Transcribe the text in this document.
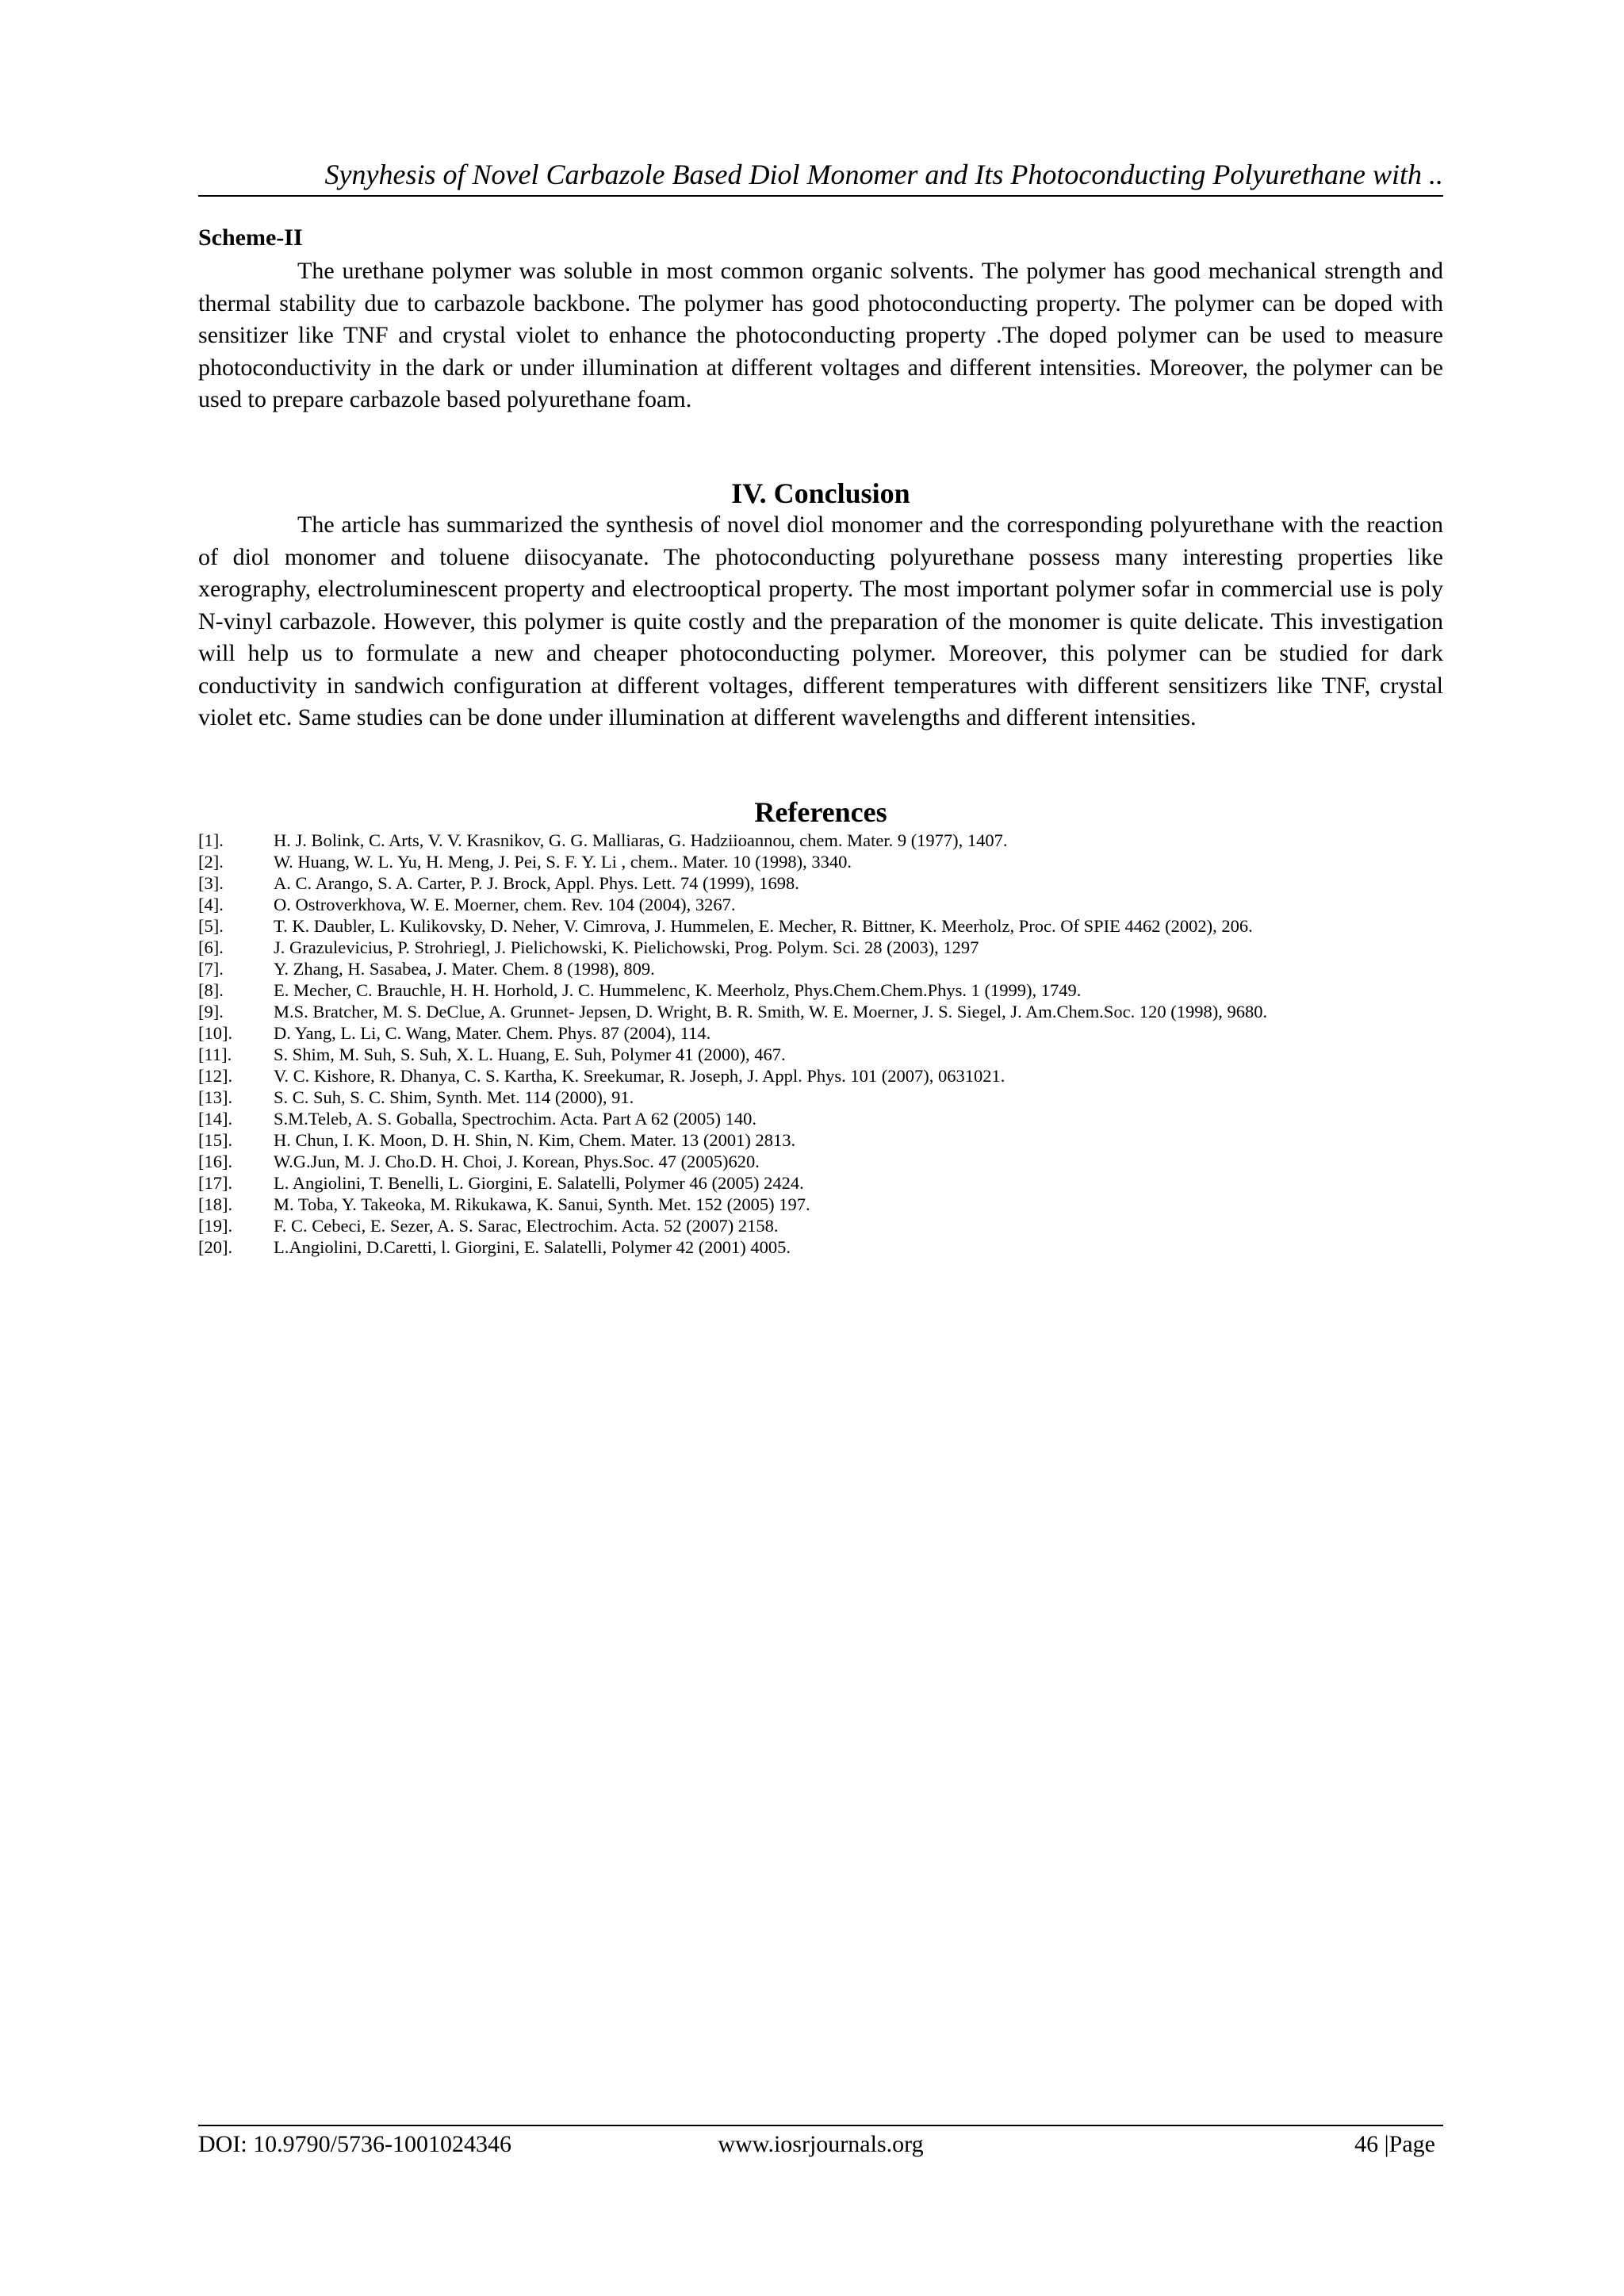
Synyhesis of Novel Carbazole Based Diol Monomer and Its Photoconducting Polyurethane with ..
Scheme-II

The urethane polymer was soluble in most common organic solvents. The polymer has good mechanical strength and thermal stability due to carbazole backbone. The polymer has good photoconducting property. The polymer can be doped with sensitizer like TNF and crystal violet to enhance the photoconducting property .The doped polymer can be used to measure photoconductivity in the dark or under illumination at different voltages and different intensities. Moreover, the polymer can be used to prepare carbazole based polyurethane foam.

IV. Conclusion

The article has summarized the synthesis of novel diol monomer and the corresponding polyurethane with the reaction of diol monomer and toluene diisocyanate. The photoconducting polyurethane possess many interesting properties like xerography, electroluminescent property and electrooptical property. The most important polymer sofar in commercial use is poly N-vinyl carbazole. However, this polymer is quite costly and the preparation of the monomer is quite delicate. This investigation will help us to formulate a new and cheaper photoconducting polymer. Moreover, this polymer can be studied for dark conductivity in sandwich configuration at different voltages, different temperatures with different sensitizers like TNF, crystal violet etc. Same studies can be done under illumination at different wavelengths and different intensities.

References
[1].	H. J. Bolink, C. Arts, V. V. Krasnikov, G. G. Malliaras, G. Hadziioannou, chem. Mater. 9 (1977), 1407.
[2].	W. Huang, W. L. Yu, H. Meng, J. Pei, S. F. Y. Li , chem.. Mater. 10 (1998), 3340.
[3].	A. C. Arango, S. A. Carter, P. J. Brock, Appl. Phys. Lett. 74 (1999), 1698.
[4].	O. Ostroverkhova, W. E. Moerner, chem. Rev. 104 (2004), 3267.
[5].	T. K. Daubler, L. Kulikovsky, D. Neher, V. Cimrova, J. Hummelen, E. Mecher, R. Bittner, K. Meerholz, Proc. Of SPIE 4462 (2002), 206.
[6].	J. Grazulevicius, P. Strohriegl, J. Pielichowski, K. Pielichowski, Prog. Polym. Sci. 28 (2003), 1297
[7].	Y. Zhang, H. Sasabea, J. Mater. Chem. 8 (1998), 809.
[8].	E. Mecher, C. Brauchle, H. H. Horhold, J. C. Hummelenc, K. Meerholz, Phys.Chem.Chem.Phys. 1 (1999), 1749.
[9].	M.S. Bratcher, M. S. DeClue, A. Grunnet- Jepsen, D. Wright, B. R. Smith, W. E. Moerner, J. S. Siegel, J. Am.Chem.Soc. 120 (1998), 9680.
[10].	D. Yang, L. Li, C. Wang, Mater. Chem. Phys. 87 (2004), 114.
[11].	S. Shim, M. Suh, S. Suh, X. L. Huang, E. Suh, Polymer 41 (2000), 467.
[12].	V. C. Kishore, R. Dhanya, C. S. Kartha, K. Sreekumar, R. Joseph, J. Appl. Phys. 101 (2007), 0631021.
[13].	S. C. Suh, S. C. Shim, Synth. Met. 114 (2000), 91.
[14].	S.M.Teleb, A. S. Goballa, Spectrochim. Acta. Part A 62 (2005) 140.
[15].	H. Chun, I. K. Moon, D. H. Shin, N. Kim, Chem. Mater. 13 (2001) 2813.
[16].	W.G.Jun, M. J. Cho.D. H. Choi, J. Korean, Phys.Soc. 47 (2005)620.
[17].	L. Angiolini, T. Benelli, L. Giorgini, E. Salatelli, Polymer 46 (2005) 2424.
[18].	M. Toba, Y. Takeoka, M. Rikukawa, K. Sanui, Synth. Met. 152 (2005) 197.
[19].	F. C. Cebeci, E. Sezer, A. S. Sarac, Electrochim. Acta. 52 (2007) 2158.
[20].	L.Angiolini, D.Caretti, l. Giorgini, E. Salatelli, Polymer 42 (2001) 4005.
DOI: 10.9790/5736-1001024346	www.iosrjournals.org	46 |Page
